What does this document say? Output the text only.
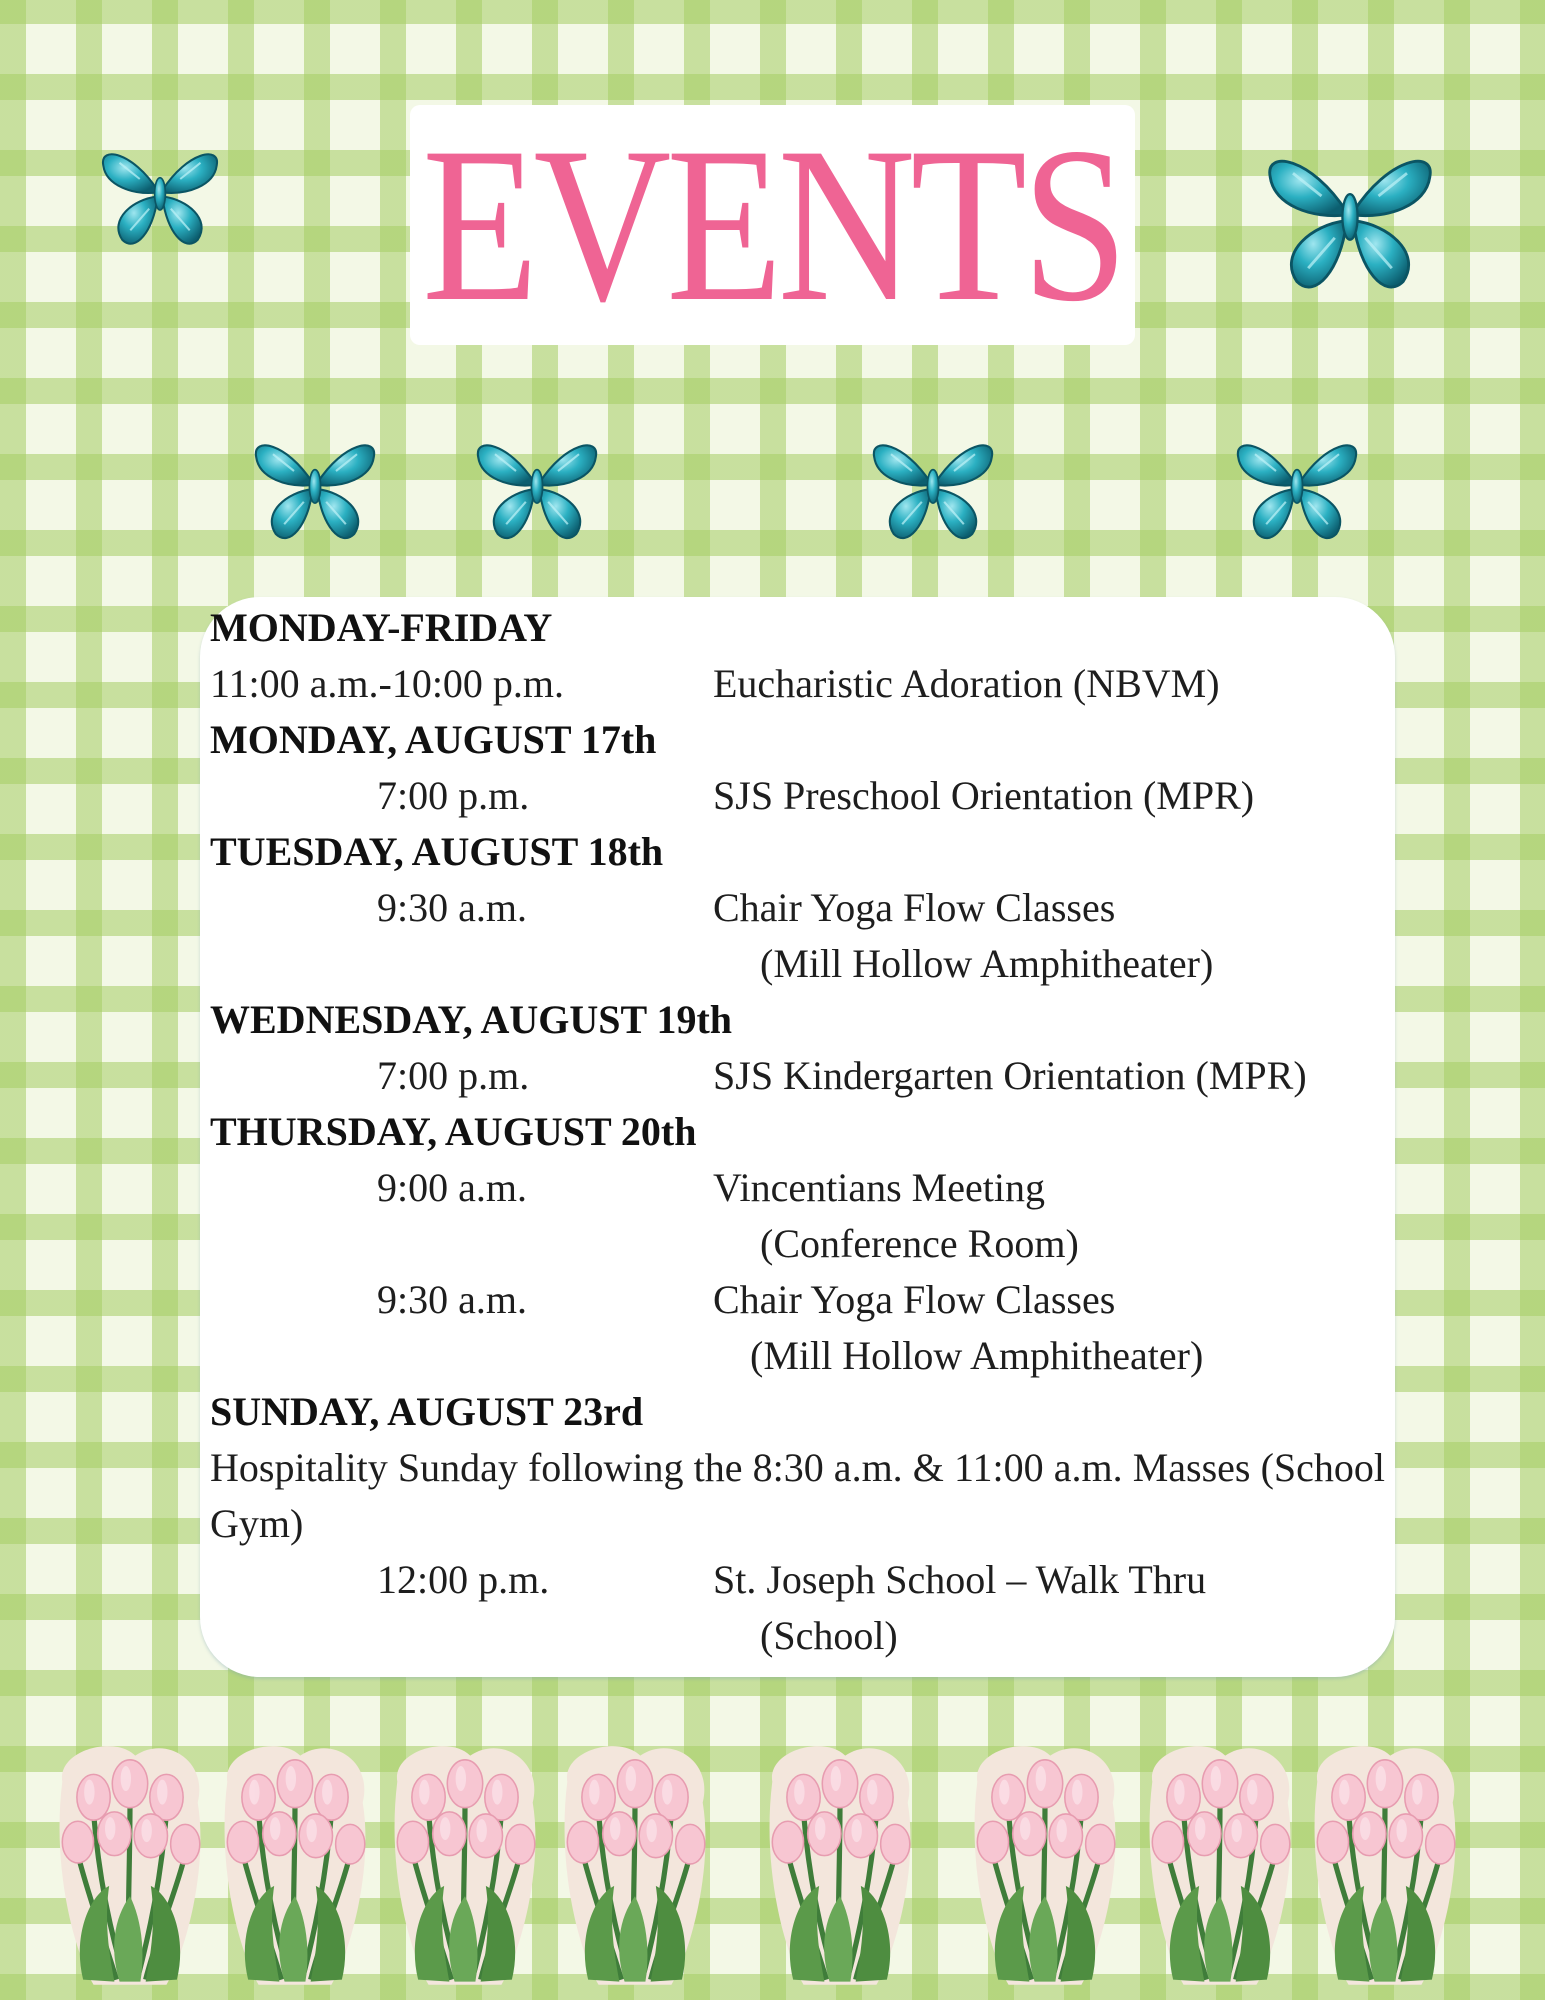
EVENTS
MONDAY-FRIDAY
11:00 a.m.-10:00 p.m.	Eucharistic Adoration (NBVM)
MONDAY, AUGUST 17th
7:00 p.m.	SJS Preschool Orientation (MPR)
TUESDAY, AUGUST 18th
9:30 a.m.	Chair Yoga Flow Classes
(Mill Hollow Amphitheater)
WEDNESDAY, AUGUST 19th
7:00 p.m.	SJS Kindergarten Orientation (MPR)
THURSDAY, AUGUST 20th
9:00 a.m.	Vincentians Meeting
(Conference Room)
9:30 a.m.	Chair Yoga Flow Classes
(Mill Hollow Amphitheater)
SUNDAY, AUGUST 23rd
Hospitality Sunday following the 8:30 a.m. & 11:00 a.m. Masses (School Gym)
12:00 p.m.	St. Joseph School – Walk Thru
(School)
